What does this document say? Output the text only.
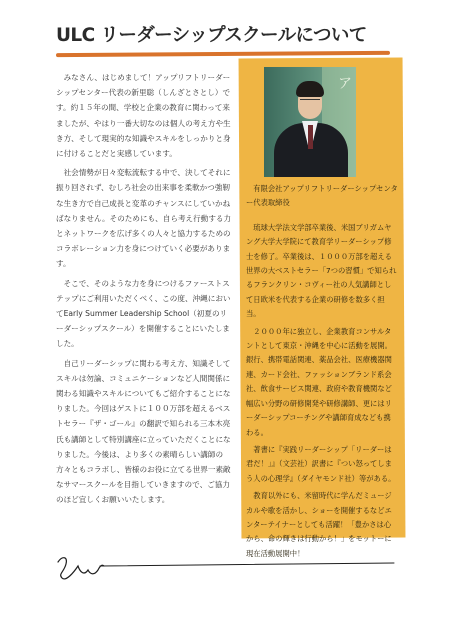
ULC リーダーシップスクールについて

みなさん、はじめまして！アップリフトリーダーシップセンター代表の新里聡（しんざとさとし）です。約１５年の間、学校と企業の教育に関わって来ましたが、やはり一番大切なのは個人の考え方や生き方、そして現実的な知識やスキルをしっかりと身に付けることだと実感しています。

社会情勢が日々変転流転する中で、決してそれに振り回されず、むしろ社会の出来事を柔軟かつ強靭な生き方で自己成長と変革のチャンスにしていかねばなりません。そのためにも、自ら考え行動する力とネットワークを広げ多くの人々と協力するためのコラボレーション力を身につけていく必要があります。

そこで、そのような力を身につけるファーストステップにご利用いただくべく、この度、沖縄においてEarly Summer Leadership School（初夏のリーダーシップスクール）を開催することにいたしました。

自己リーダーシップに関わる考え方、知識そしてスキルは勿論、コミュニケーションなど人間関係に関わる知識やスキルについてもご紹介することになりました。今回はゲストに１００万部を超えるベストセラー『ザ・ゴール』の翻訳で知られる三本木亮氏も講師として特別講座に立っていただくことになりました。今後は、より多くの素晴らしい講師の方々ともコラボし、皆様のお役に立てる世界一素敵なサマースクールを目指していきますので、ご協力のほど宜しくお願いいたします。

ア

有限会社アップリフトリーダーシップセンター代表取締役

琉球大学法文学部卒業後、米国ブリガムヤング大学大学院にて教育学リーダーシップ修士を修了。卒業後は、１０００万部を超える世界の大ベストセラー「7つの習慣」で知られるフランクリン・コヴィー社の人気講師として日欧米を代表する企業の研修を数多く担当。

２０００年に独立し、企業教育コンサルタントとして東京・沖縄を中心に活動を展開。銀行、携帯電話関連、薬品会社、医療機器関連、カード会社、ファッションブランド系会社、飲食サービス関連、政府や教育機関など幅広い分野の研修開発や研修講師、更にはリーダーシップコーチングや講師育成なども携わる。

著書に『実践リーダーシップ「リーダーは君だ！」』（文芸社）訳書に『つい怒ってしまう人の心理学』（ダイヤモンド社）等がある。

教育以外にも、米留時代に学んだミュージカルや歌を活かし、ショーを開催するなどエンターテイナーとしても活躍！「豊かさは心から、命の輝きは行動から！」をモットーに現在活動展開中！
